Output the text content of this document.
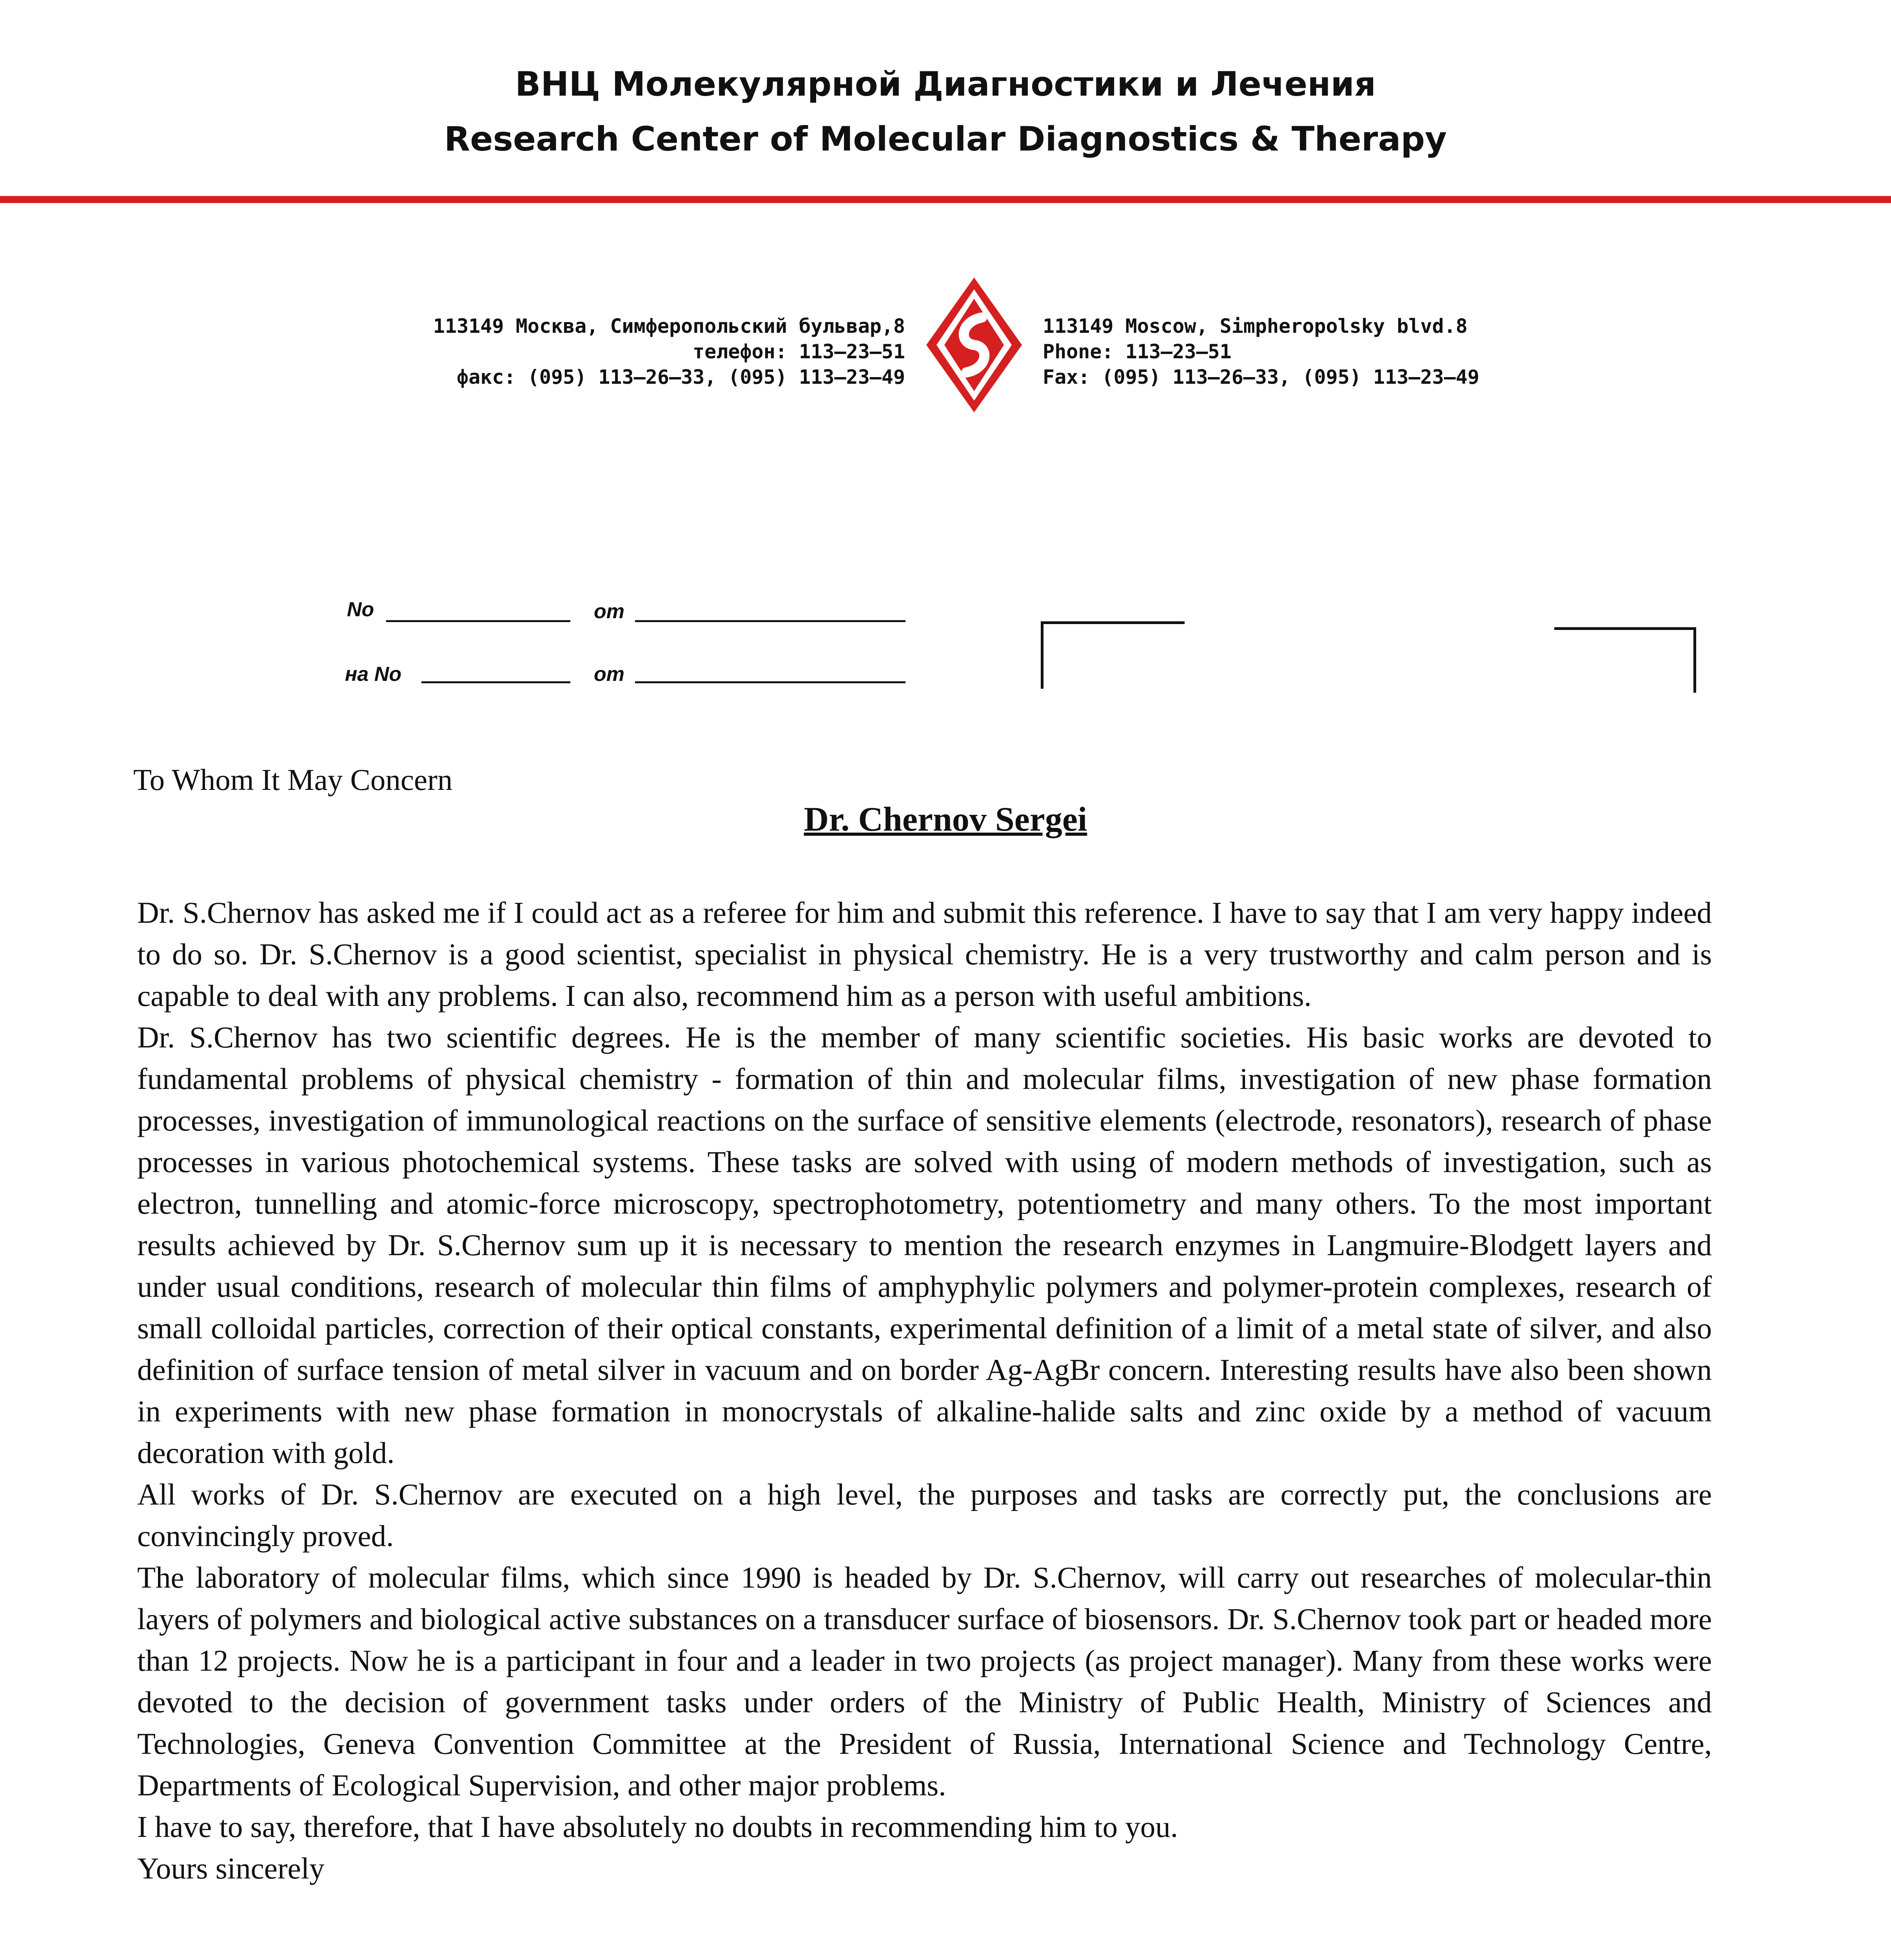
ВНЦ Молекулярной Диагностики и Лечения
Research Center of Molecular Diagnostics & Therapy
113149 Москва, Симферопольский бульвар,8
телефон: 113–23–51
факс: (095) 113–26–33, (095) 113–23–49
113149 Moscow, Simpheropolsky blvd.8
Phone: 113–23–51
Fax: (095) 113–26–33, (095) 113–23–49
No	от
на No	от
To Whom It May Concern
Dr. Chernov Sergei

Dr. S.Chernov has asked me if I could act as a referee for him and submit this reference. I have to say that I am very happy indeed to do so. Dr. S.Chernov is a good scientist, specialist in physical chemistry. He is a very trustworthy and calm person and is capable to deal with any problems. I can also, recommend him as a person with useful ambitions.

Dr. S.Chernov has two scientific degrees. He is the member of many scientific societies. His basic works are devoted to fundamental problems of physical chemistry - formation of thin and molecular films, investigation of new phase formation processes, investigation of immunological reactions on the surface of sensitive elements (electrode, resonators), research of phase processes in various photochemical systems. These tasks are solved with using of modern methods of investigation, such as electron, tunnelling and atomic-force microscopy, spectrophotometry, potentiometry and many others. To the most important results achieved by Dr. S.Chernov sum up it is necessary to mention the research enzymes in Langmuire-Blodgett layers and under usual conditions, research of molecular thin films of amphyphylic polymers and polymer-protein complexes, research of small colloidal particles, correction of their optical constants, experimental definition of a limit of a metal state of silver, and also definition of surface tension of metal silver in vacuum and on border Ag-AgBr concern. Interesting results have also been shown in experiments with new phase formation in monocrystals of alkaline-halide salts and zinc oxide by a method of vacuum decoration with gold.

All works of Dr. S.Chernov are executed on a high level, the purposes and tasks are correctly put, the conclusions are convincingly proved.

The laboratory of molecular films, which since 1990 is headed by Dr. S.Chernov, will carry out researches of molecular-thin layers of polymers and biological active substances on a transducer surface of biosensors. Dr. S.Chernov took part or headed more than 12 projects. Now he is a participant in four and a leader in two projects (as project manager). Many from these works were devoted to the decision of government tasks under orders of the Ministry of Public Health, Ministry of Sciences and Technologies, Geneva Convention Committee at the President of Russia, International Science and Technology Centre, Departments of Ecological Supervision, and other major problems.

I have to say, therefore, that I have absolutely no doubts in recommending him to you.

Yours sincerely
